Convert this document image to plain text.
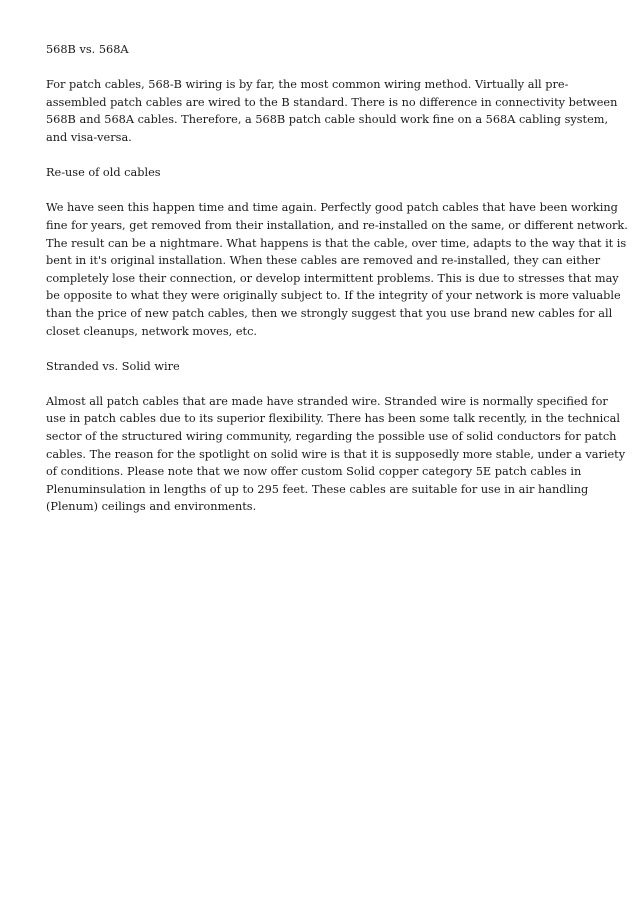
568B vs. 568A
For patch cables, 568-B wiring is by far, the most common wiring method. Virtually all pre-
assembled patch cables are wired to the B standard. There is no difference in connectivity between
568B and 568A cables. Therefore, a 568B patch cable should work fine on a 568A cabling system,
and visa-versa.
Re-use of old cables
We have seen this happen time and time again. Perfectly good patch cables that have been working
fine for years, get removed from their installation, and re-installed on the same, or different network.
The result can be a nightmare. What happens is that the cable, over time, adapts to the way that it is
bent in it's original installation. When these cables are removed and re-installed, they can either
completely lose their connection, or develop intermittent problems. This is due to stresses that may
be opposite to what they were originally subject to. If the integrity of your network is more valuable
than the price of new patch cables, then we strongly suggest that you use brand new cables for all
closet cleanups, network moves, etc.
Stranded vs. Solid wire
Almost all patch cables that are made have stranded wire. Stranded wire is normally specified for
use in patch cables due to its superior flexibility. There has been some talk recently, in the technical
sector of the structured wiring community, regarding the possible use of solid conductors for patch
cables. The reason for the spotlight on solid wire is that it is supposedly more stable, under a variety
of conditions. Please note that we now offer custom Solid copper category 5E patch cables in
Plenuminsulation in lengths of up to 295 feet. These cables are suitable for use in air handling
(Plenum) ceilings and environments.
